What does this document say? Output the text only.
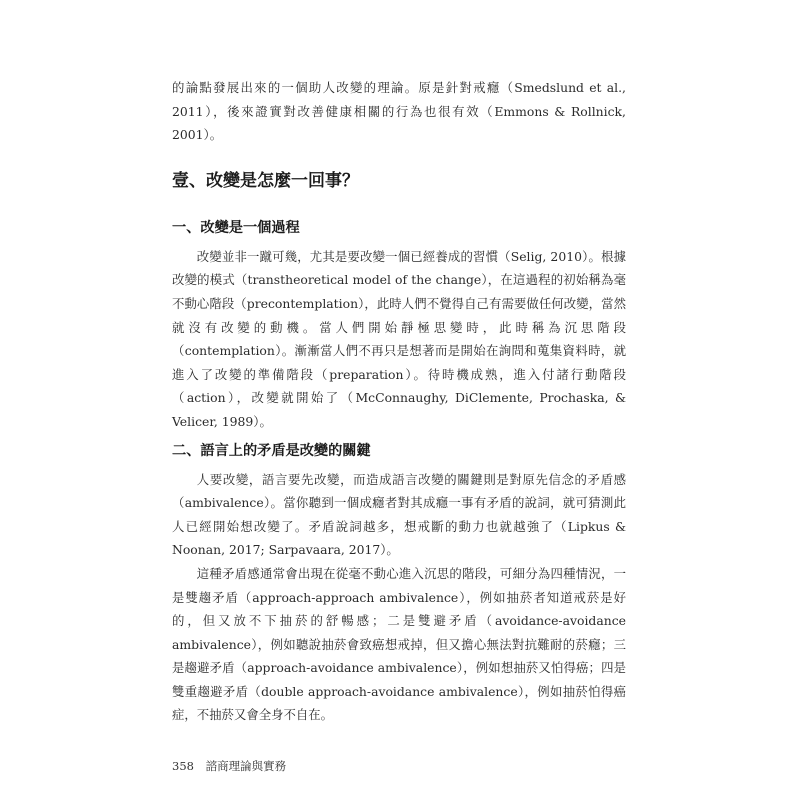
的論點發展出來的一個助人改變的理論。原是針對戒癮（Smedslund et al., 2011），後來證實對改善健康相關的行為也很有效（Emmons & Rollnick, 2001）。

壹、改變是怎麼一回事？
一、改變是一個過程

改變並非一蹴可幾，尤其是要改變一個已經養成的習慣（Selig, 2010）。根據改變的模式（transtheoretical model of the change），在這過程的初始稱為毫不動心階段（precontemplation），此時人們不覺得自己有需要做任何改變，當然就沒有改變的動機。當人們開始靜極思變時，此時稱為沉思階段（contemplation）。漸漸當人們不再只是想著而是開始在詢問和蒐集資料時，就進入了改變的準備階段（preparation）。待時機成熟，進入付諸行動階段（action），改變就開始了（McConnaughy, DiClemente, Prochaska, & Velicer, 1989）。

二、語言上的矛盾是改變的關鍵

人要改變，語言要先改變，而造成語言改變的關鍵則是對原先信念的矛盾感（ambivalence）。當你聽到一個成癮者對其成癮一事有矛盾的說詞，就可猜測此人已經開始想改變了。矛盾說詞越多，想戒斷的動力也就越強了（Lipkus & Noonan, 2017; Sarpavaara, 2017）。

這種矛盾感通常會出現在從毫不動心進入沉思的階段，可細分為四種情況，一是雙趨矛盾（approach-approach ambivalence），例如抽菸者知道戒菸是好的，但又放不下抽菸的舒暢感；二是雙避矛盾（avoidance-avoidance ambivalence），例如聽說抽菸會致癌想戒掉，但又擔心無法對抗難耐的菸癮；三是趨避矛盾（approach-avoidance ambivalence），例如想抽菸又怕得癌；四是雙重趨避矛盾（double approach-avoidance ambivalence），例如抽菸怕得癌症，不抽菸又會全身不自在。

358 諮商理論與實務
